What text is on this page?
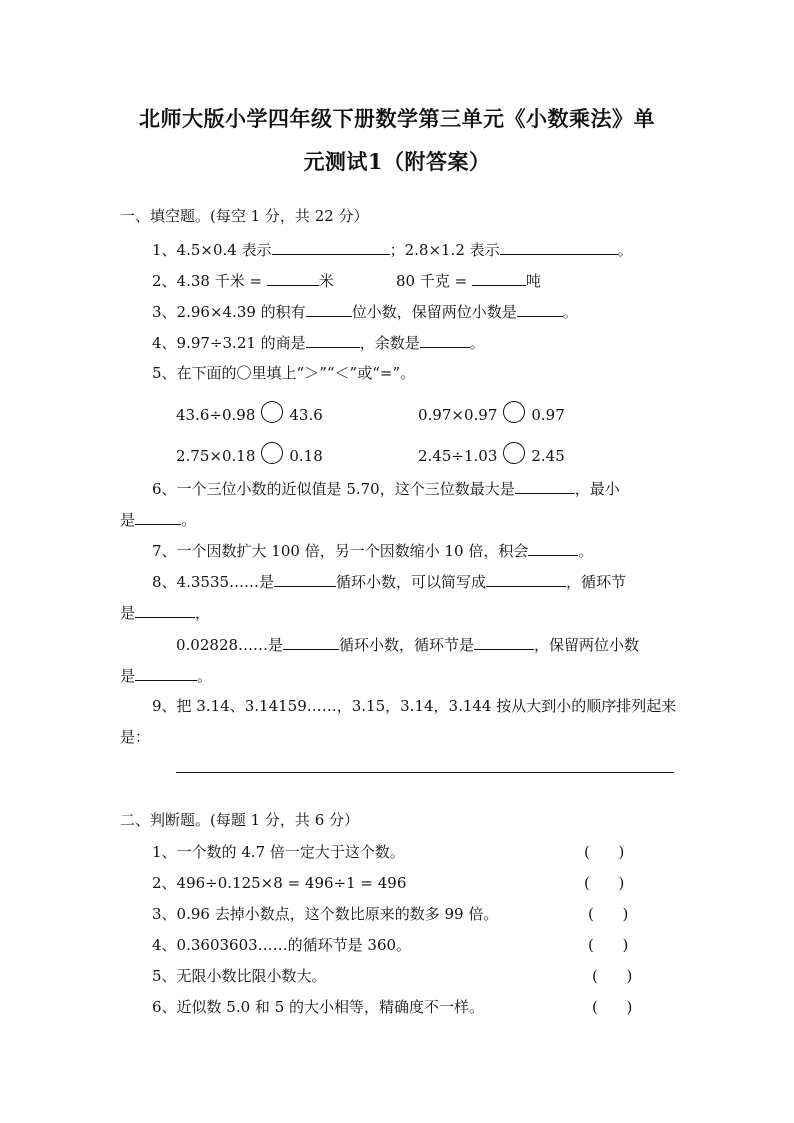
北师大版小学四年级下册数学第三单元《小数乘法》单
元测试1（附答案）
一、填空题。(每空 1 分，共 22 分）
1、4.5×0.4 表示	；2.8×1.2 表示	。
2、4.38 千米 =	米	80 千克 =	吨
3、2.96×4.39 的积有	位小数，保留两位小数是	。
4、9.97÷3.21 的商是	，余数是	。
5、在下面的〇里填上“＞”“＜”或“=”。
43.6÷0.98 43.6	0.97×0.97 0.97
2.75×0.18 0.18	2.45÷1.03 2.45
6、一个三位小数的近似值是 5.70，这个三位数最大是	，最小
是	。
7、一个因数扩大 100 倍，另一个因数缩小 10 倍，积会	。
8、4.3535……是	循环小数，可以简写成	，循环节
是	，
0.02828……是	循环小数，循环节是	，保留两位小数
是	。
9、把 3.14、3.14159……，3.15，3.14，3.144 按从大到小的顺序排列起来
是：
二、判断题。(每题 1 分，共 6 分）
1、一个数的 4.7 倍一定大于这个数。	(      )
2、496÷0.125×8 = 496÷1 = 496	(      )
3、0.96 去掉小数点，这个数比原来的数多 99 倍。	(      )
4、0.3603603……的循环节是 360。	(      )
5、无限小数比限小数大。	(      )
6、近似数 5.0 和 5 的大小相等，精确度不一样。	(      )
